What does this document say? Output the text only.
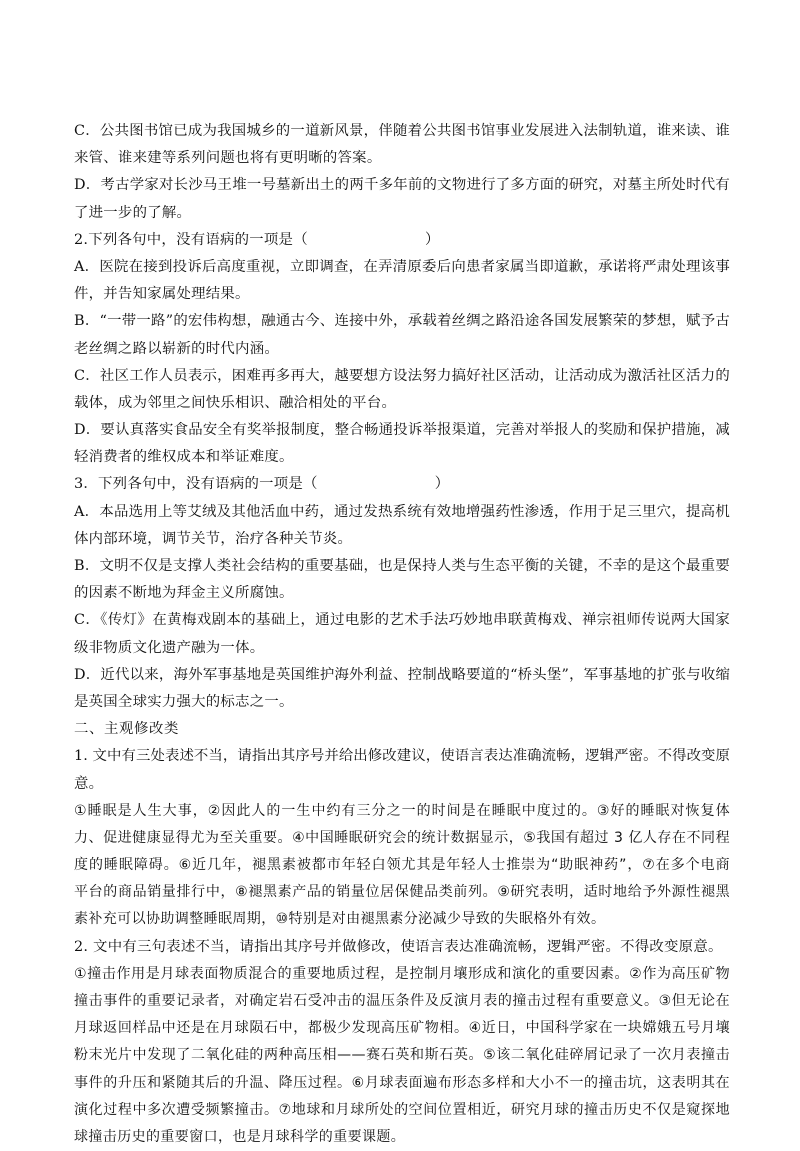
C．公共图书馆已成为我国城乡的一道新风景，伴随着公共图书馆事业发展进入法制轨道，谁来读、谁
来管、谁来建等系列问题也将有更明晰的答案。
D．考古学家对长沙马王堆一号墓新出土的两千多年前的文物进行了多方面的研究，对墓主所处时代有
了进一步的了解。
2.下列各句中，没有语病的一项是（　　　　　　　　）
A．医院在接到投诉后高度重视，立即调查，在弄清原委后向患者家属当即道歉，承诺将严肃处理该事
件，并告知家属处理结果。
B．“一带一路”的宏伟构想，融通古今、连接中外，承载着丝绸之路沿途各国发展繁荣的梦想，赋予古
老丝绸之路以崭新的时代内涵。
C．社区工作人员表示，困难再多再大，越要想方设法努力搞好社区活动，让活动成为激活社区活力的
载体，成为邻里之间快乐相识、融洽相处的平台。
D．要认真落实食品安全有奖举报制度，整合畅通投诉举报渠道，完善对举报人的奖励和保护措施，减
轻消费者的维权成本和举证难度。
3．下列各句中，没有语病的一项是（　　　　　　　　）
A．本品选用上等艾绒及其他活血中药，通过发热系统有效地增强药性渗透，作用于足三里穴，提高机
体内部环境，调节关节，治疗各种关节炎。
B．文明不仅是支撑人类社会结构的重要基础，也是保持人类与生态平衡的关键，不幸的是这个最重要
的因素不断地为拜金主义所腐蚀。
C．《传灯》在黄梅戏剧本的基础上，通过电影的艺术手法巧妙地串联黄梅戏、禅宗祖师传说两大国家
级非物质文化遗产融为一体。
D．近代以来，海外军事基地是英国维护海外利益、控制战略要道的“桥头堡”，军事基地的扩张与收缩
是英国全球实力强大的标志之一。
二、主观修改类
1. 文中有三处表述不当，请指出其序号并给出修改建议，使语言表达准确流畅，逻辑严密。不得改变原
意。
①睡眠是人生大事，②因此人的一生中约有三分之一的时间是在睡眠中度过的。③好的睡眠对恢复体
力、促进健康显得尤为至关重要。④中国睡眠研究会的统计数据显示，⑤我国有超过 3 亿人存在不同程
度的睡眠障碍。⑥近几年，褪黑素被都市年轻白领尤其是年轻人士推崇为“助眠神药”，⑦在多个电商
平台的商品销量排行中，⑧褪黑素产品的销量位居保健品类前列。⑨研究表明，适时地给予外源性褪黑
素补充可以协助调整睡眠周期，⑩特别是对由褪黑素分泌减少导致的失眠格外有效。
2. 文中有三句表述不当，请指出其序号并做修改，使语言表达准确流畅，逻辑严密。不得改变原意。
①撞击作用是月球表面物质混合的重要地质过程，是控制月壤形成和演化的重要因素。②作为高压矿物
撞击事件的重要记录者，对确定岩石受冲击的温压条件及反演月表的撞击过程有重要意义。③但无论在
月球返回样品中还是在月球陨石中，都极少发现高压矿物相。④近日，中国科学家在一块嫦娥五号月壤
粉末光片中发现了二氧化硅的两种高压相——赛石英和斯石英。⑤该二氧化硅碎屑记录了一次月表撞击
事件的升压和紧随其后的升温、降压过程。⑥月球表面遍布形态多样和大小不一的撞击坑，这表明其在
演化过程中多次遭受频繁撞击。⑦地球和月球所处的空间位置相近，研究月球的撞击历史不仅是窥探地
球撞击历史的重要窗口，也是月球科学的重要课题。
